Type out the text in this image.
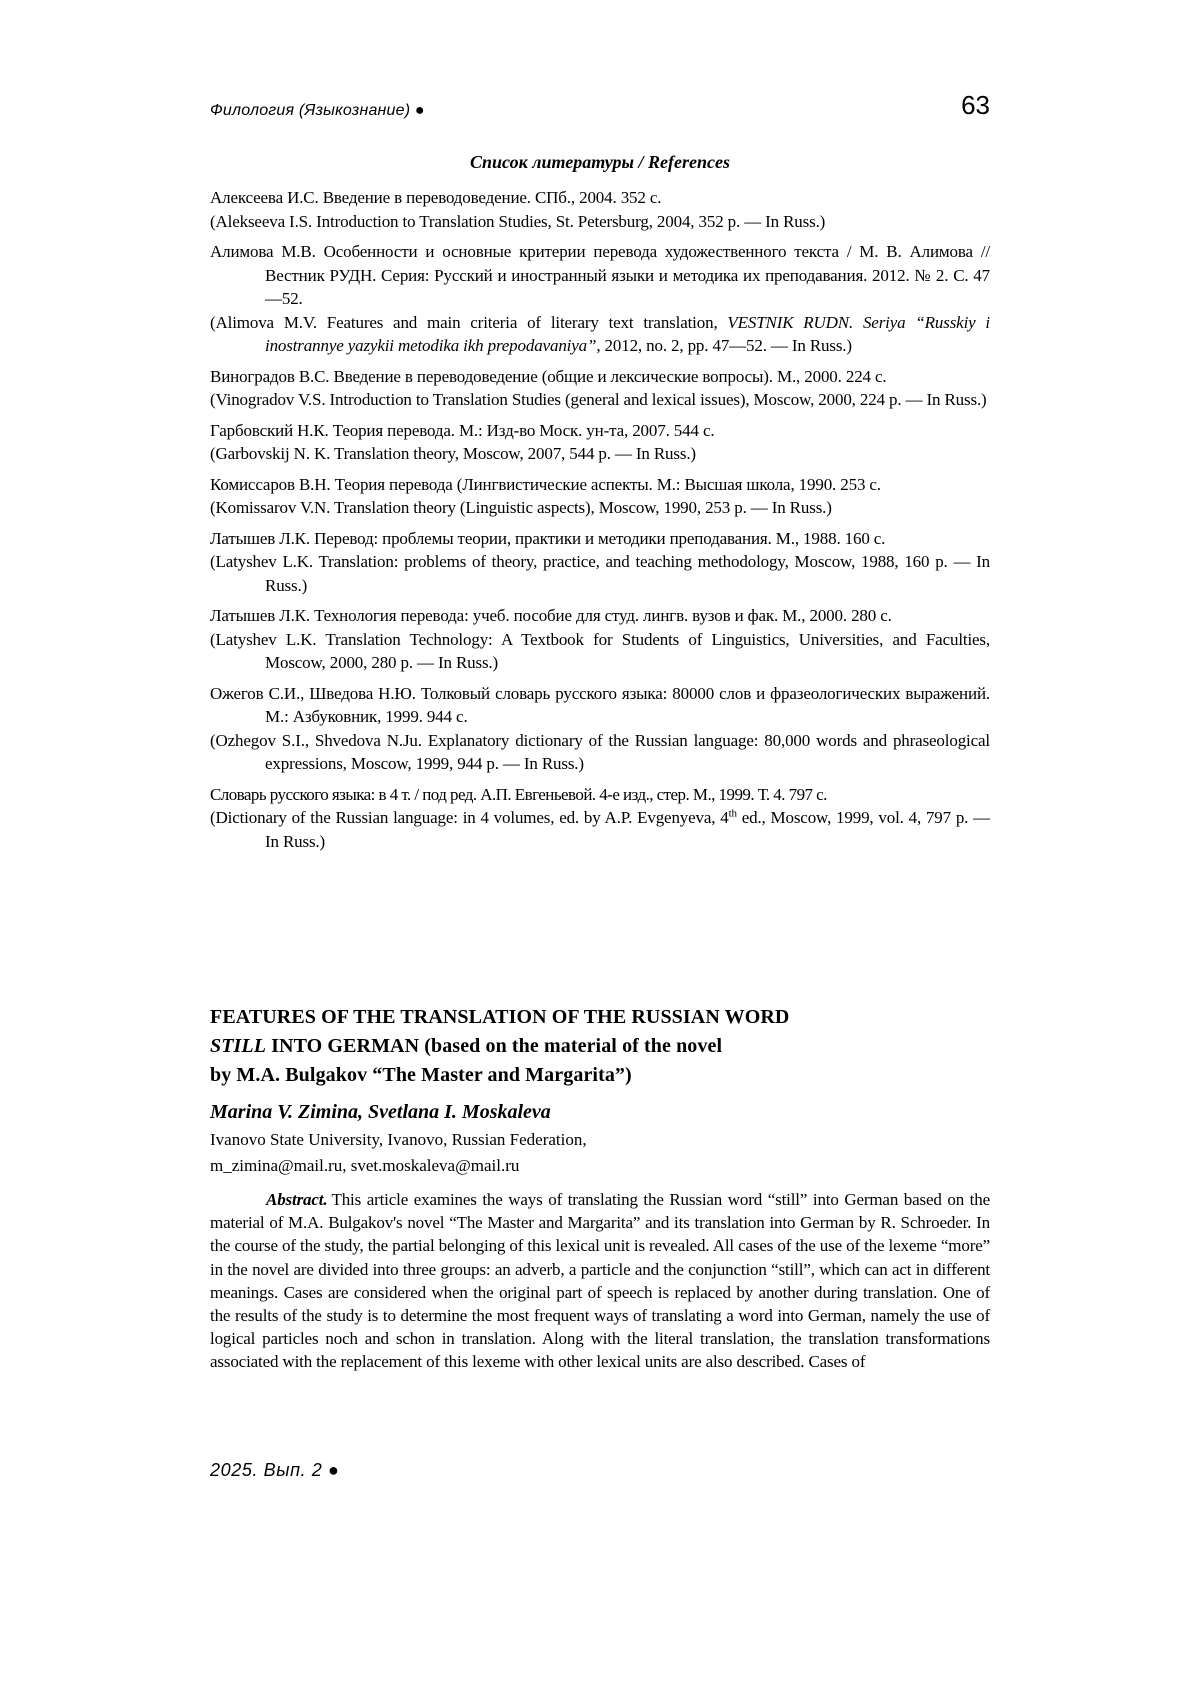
Филология (Языкознание) ●	63
Список литературы / References

Алексеева И.С. Введение в переводоведение. СПб., 2004. 352 с.

(Alekseeva I.S. Introduction to Translation Studies, St. Petersburg, 2004, 352 p. — In Russ.)

Алимова М.В. Особенности и основные критерии перевода художественного текста / М. В. Алимова // Вестник РУДН. Серия: Русский и иностранный языки и методика их преподавания. 2012. № 2. С. 47—52.

(Alimova M.V. Features and main criteria of literary text translation, VESTNIK RUDN. Seriya “Russkiy i inostrannye yazykii metodika ikh prepodavaniya”, 2012, no. 2, pp. 47—52. — In Russ.)

Виноградов В.С. Введение в переводоведение (общие и лексические вопросы). М., 2000. 224 с.

(Vinogradov V.S. Introduction to Translation Studies (general and lexical issues), Moscow, 2000, 224 p. — In Russ.)

Гарбовский Н.К. Теория перевода. М.: Изд-во Моск. ун-та, 2007. 544 с.

(Garbovskij N. K. Translation theory, Moscow, 2007, 544 p. — In Russ.)

Комиссаров В.Н. Теория перевода (Лингвистические аспекты. М.: Высшая школа, 1990. 253 с.

(Komissarov V.N. Translation theory (Linguistic aspects), Moscow, 1990, 253 p. — In Russ.)

Латышев Л.К. Перевод: проблемы теории, практики и методики преподавания. М., 1988. 160 с.

(Latyshev L.K. Translation: problems of theory, practice, and teaching methodology, Moscow, 1988, 160 p. — In Russ.)

Латышев Л.К. Технология перевода: учеб. пособие для студ. лингв. вузов и фак. М., 2000. 280 с.

(Latyshev L.K. Translation Technology: A Textbook for Students of Linguistics, Universities, and Faculties, Moscow, 2000, 280 p. — In Russ.)

Ожегов С.И., Шведова Н.Ю. Толковый словарь русского языка: 80000 слов и фразеологических выражений. М.: Азбуковник, 1999. 944 с.

(Ozhegov S.I., Shvedova N.Ju. Explanatory dictionary of the Russian language: 80,000 words and phraseological expressions, Moscow, 1999, 944 p. — In Russ.)

Словарь русского языка: в 4 т. / под ред. А.П. Евгеньевой. 4-е изд., стер. М., 1999. Т. 4. 797 с.

(Dictionary of the Russian language: in 4 volumes, ed. by A.P. Evgenyeva, 4th ed., Moscow, 1999, vol. 4, 797 p. — In Russ.)

FEATURES OF THE TRANSLATION OF THE RUSSIAN WORD
STILL INTO GERMAN (based on the material of the novel
by M.A. Bulgakov “The Master and Margarita”)

Marina V. Zimina, Svetlana I. Moskaleva

Ivanovo State University, Ivanovo, Russian Federation,

m_zimina@mail.ru, svet.moskaleva@mail.ru

Abstract. This article examines the ways of translating the Russian word “still” into German based on the material of M.A. Bulgakov's novel “The Master and Margarita” and its translation into German by R. Schroeder. In the course of the study, the partial belonging of this lexical unit is revealed. All cases of the use of the lexeme “more” in the novel are divided into three groups: an adverb, a particle and the conjunction “still”, which can act in different meanings. Cases are considered when the original part of speech is replaced by another during translation. One of the results of the study is to determine the most frequent ways of translating a word into German, namely the use of logical particles noch and schon in translation. Along with the literal translation, the translation transformations associated with the replacement of this lexeme with other lexical units are also described. Cases of

2025. Вып. 2 ●
